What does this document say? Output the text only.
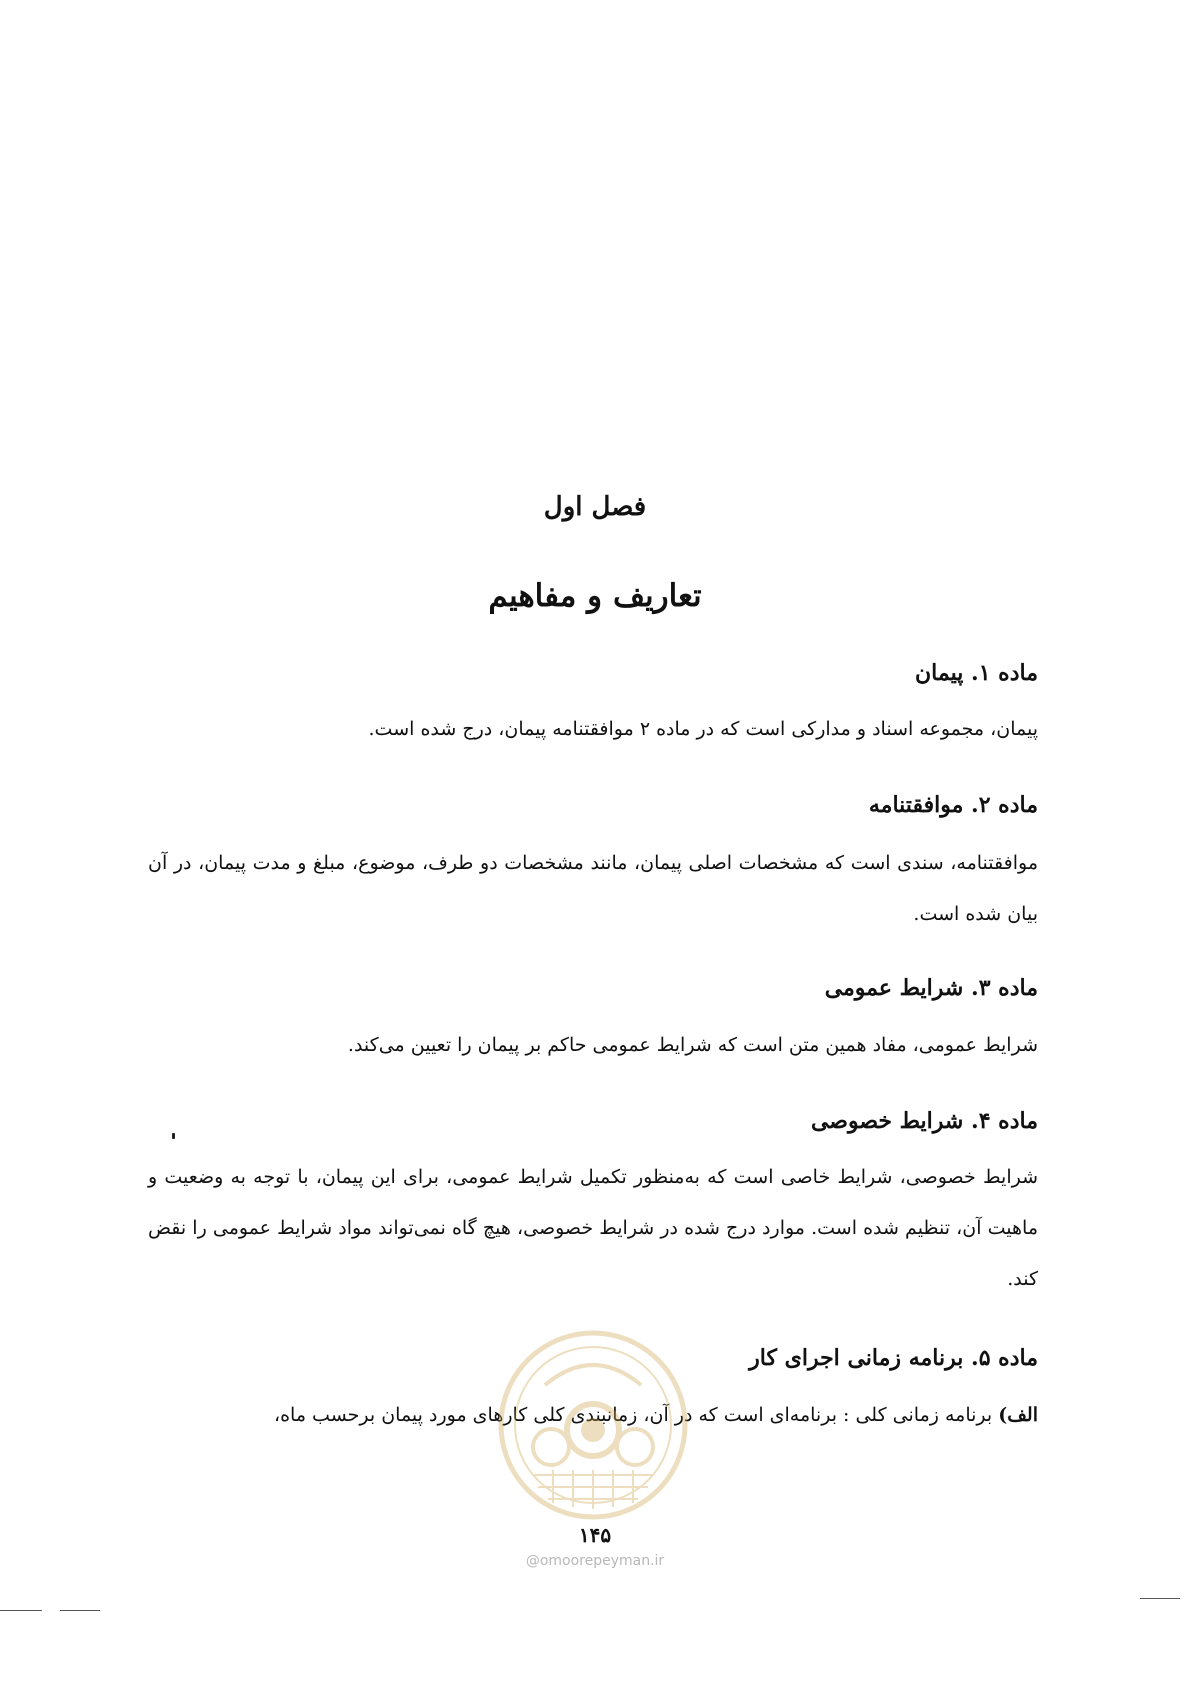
فصل اول
تعاریف و مفاهیم
ماده ۱. پیمان

پیمان، مجموعه اسناد و مدارکی است که در ماده ۲ موافقتنامه پیمان، درج شده است.

ماده ۲. موافقتنامه

موافقتنامه، سندی است که مشخصات اصلی پیمان، مانند مشخصات دو طرف، موضوع، مبلغ و مدت پیمان، در آن بیان شده است.

ماده ۳. شرایط عمومی

شرایط عمومی، مفاد همین متن است که شرایط عمومی حاکم بر پیمان را تعیین می‌کند.

ماده ۴. شرایط خصوصی

شرایط خصوصی، شرایط خاصی است که به‌منظور تکمیل شرایط عمومی، برای این پیمان، با توجه به وضعیت و ماهیت آن، تنظیم شده است. موارد درج شده در شرایط خصوصی، هیچ گاه نمی‌تواند مواد شرایط عمومی را نقض کند.

ماده ۵. برنامه زمانی اجرای کار

الف) برنامه زمانی کلی : برنامه‌ای است که در آن، زمانبندی کلی کارهای مورد پیمان برحسب ماه،

۱۴۵
@omoorepeyman.ir
